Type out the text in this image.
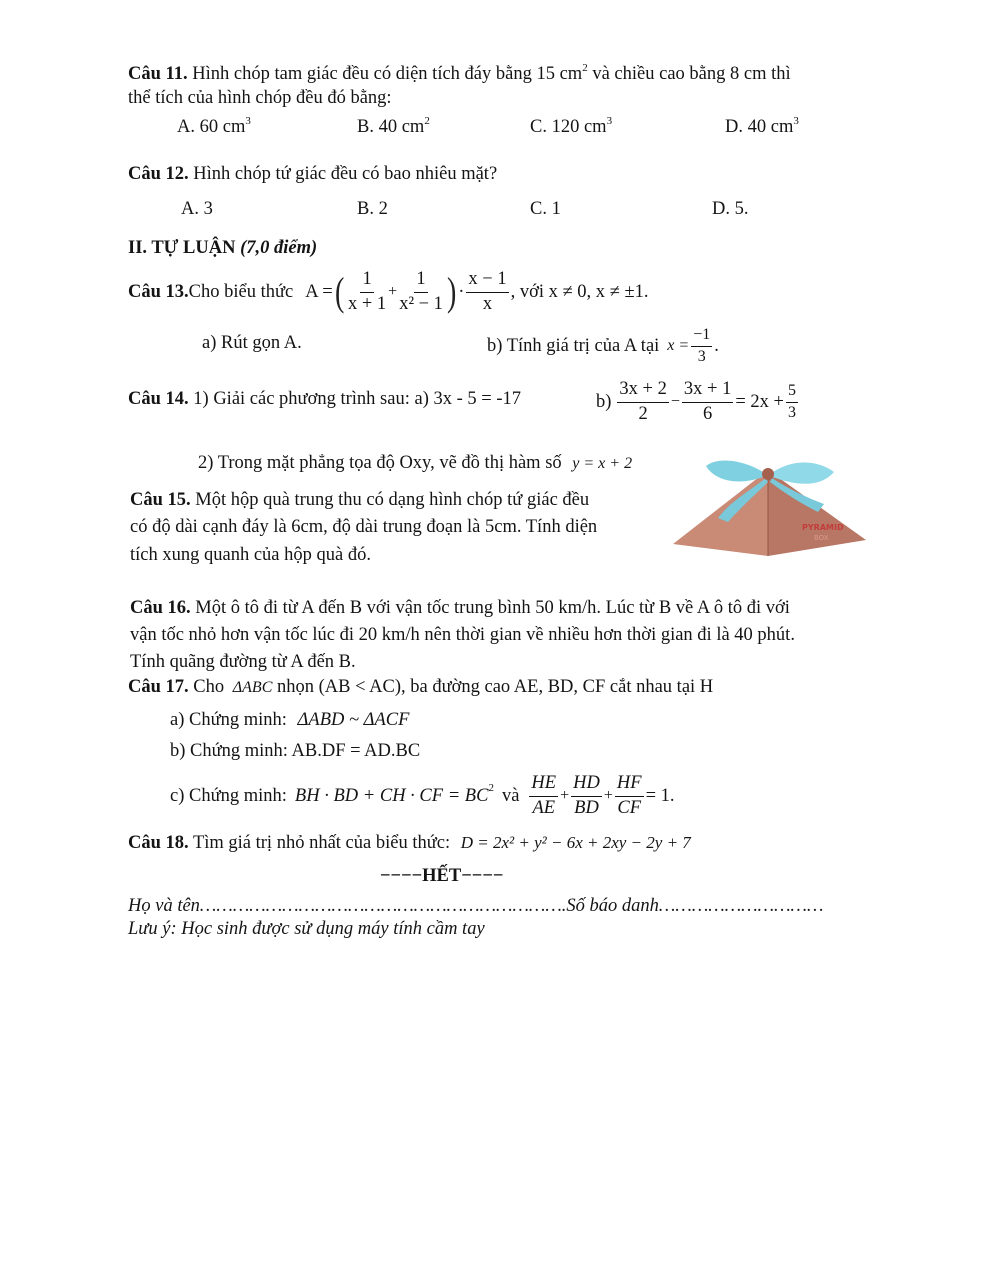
Câu 11. Hình chóp tam giác đều có diện tích đáy bằng 15 $cm^2$ và chiều cao bằng 8 cm thì
thể tích của hình chóp đều đó bằng:
A. 60 $cm^3$	B. 40 $cm^2$	C. 120 $cm^3$	D. 40 $cm^3$
Câu 12. Hình chóp tứ giác đều có bao nhiêu mặt?
A. 3	B. 2	C. 1	D. 5.
II. TỰ LUẬN (7,0 điểm)
Câu 13. Cho biểu thức A = ( $\frac{1}{x + 1} + \frac{1}{\text{x² − 1}}$ ) · $\frac{x - 1}{x}$ , với x ≠ 0, x ≠ ±1.
a) Rút gọn A.	b) Tính giá trị của A tại $x = \frac{-1}{3}$ .
Câu 14. 1) Giải các phương trình sau: a) 3x - 5 = -17	$b) \frac{3x + 2}{2} - \frac{3x + 1}{6} = 2x + \frac{5}{3}$
2) Trong mặt phẳng tọa độ Oxy, vẽ đồ thị hàm số y = x + 2
Câu 15. Một hộp quà trung thu có dạng hình chóp tứ giác đều
có độ dài cạnh đáy là 6cm, độ dài trung đoạn là 5cm. Tính diện
tích xung quanh của hộp quà đó.
PYRAMID
BOX
Câu 16. Một ô tô đi từ A đến B với vận tốc trung bình 50 km/h. Lúc từ B về A ô tô đi với
vận tốc nhỏ hơn vận tốc lúc đi 20 km/h nên thời gian về nhiều hơn thời gian đi là 40 phút.
Tính quãng đường từ A đến B.
Câu 17. Cho ΔABC nhọn (AB < AC), ba đường cao AE, BD, CF cắt nhau tại H
a) Chứng minh: ΔABD ~ ΔACF
b) Chứng minh: AB.DF = AD.BC
c) Chứng minh: BH · BD + CH · CF = $BC^2$ và $\frac{HE}{AE} + \frac{HD}{BD} + \frac{HF}{CF} = 1$.
Câu 18. Tìm giá trị nhỏ nhất của biểu thức: D = 2x² + y² − 6x + 2xy − 2y + 7
−−−−HẾT−−−−
Họ và tên………………………………………………………….Số báo danh…………………………
Lưu ý: Học sinh được sử dụng máy tính cầm tay
